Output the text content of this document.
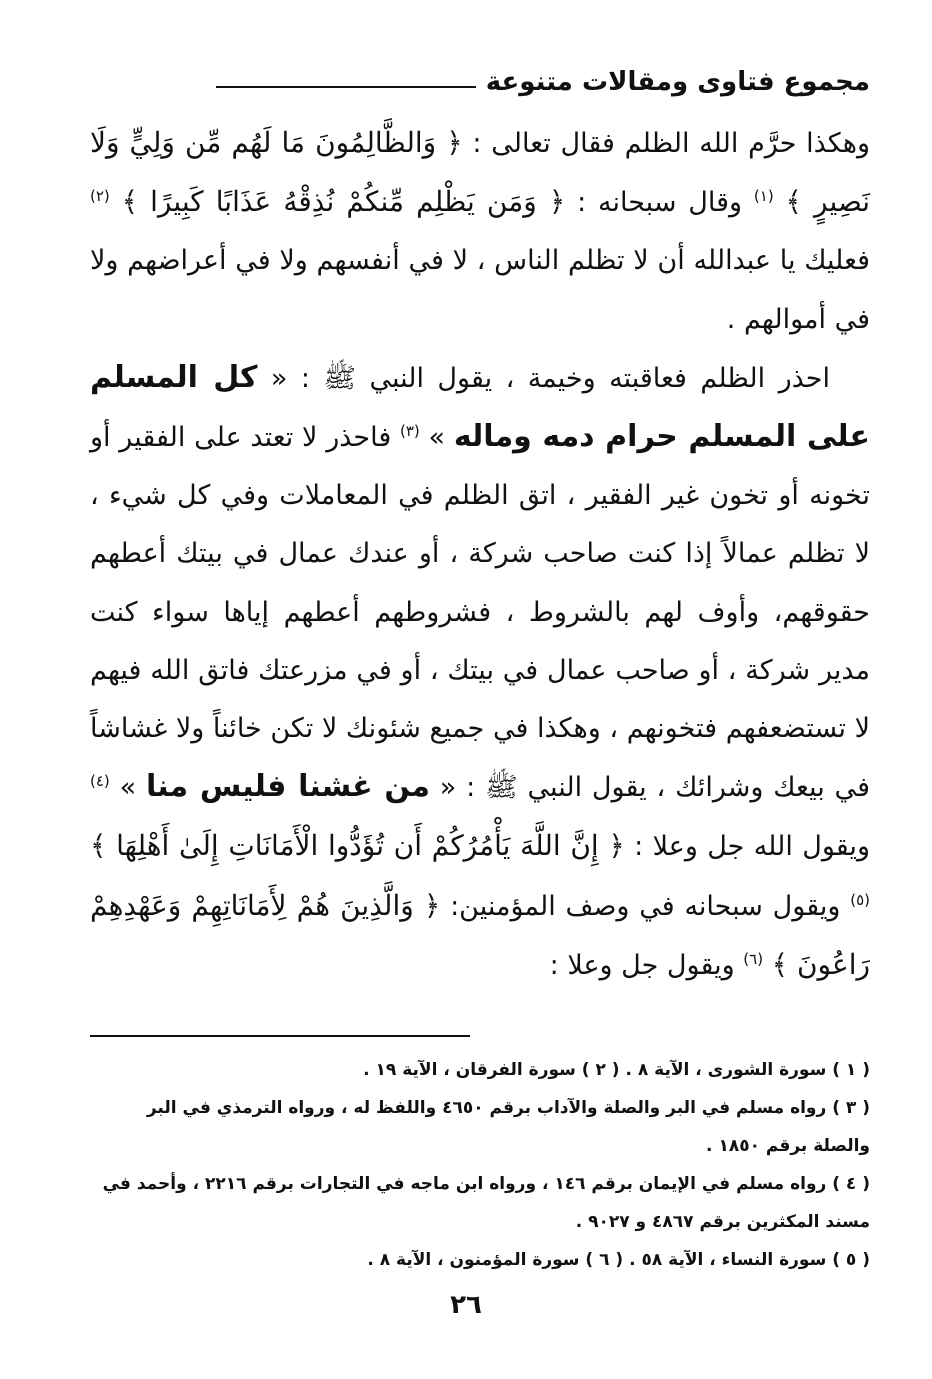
مجموع فتاوى ومقالات متنوعة

وهكذا حرَّم الله الظلم فقال تعالى : ﴿ وَالظَّالِمُونَ مَا لَهُم مِّن وَلِيٍّ وَلَا نَصِيرٍ ﴾ $^{(١)}$ وقال سبحانه : ﴿ وَمَن يَظْلِم مِّنكُمْ نُذِقْهُ عَذَابًا كَبِيرًا ﴾ $^{(٢)}$ فعليك يا عبدالله أن لا تظلم الناس ، لا في أنفسهم ولا في أعراضهم ولا في أموالهم .

احذر الظلم فعاقبته وخيمة ، يقول النبي ﷺ : « كل المسلم على المسلم حرام دمه وماله » $^{(٣)}$ فاحذر لا تعتد على الفقير أو تخونه أو تخون غير الفقير ، اتق الظلم في المعاملات وفي كل شيء ، لا تظلم عمالاً إذا كنت صاحب شركة ، أو عندك عمال في بيتك أعطهم حقوقهم، وأوف لهم بالشروط ، فشروطهم أعطهم إياها سواء كنت مدير شركة ، أو صاحب عمال في بيتك ، أو في مزرعتك فاتق الله فيهم لا تستضعفهم فتخونهم ، وهكذا في جميع شئونك لا تكن خائناً ولا غشاشاً في بيعك وشرائك ، يقول النبي ﷺ : « من غشنا فليس منا » $^{(٤)}$ ويقول الله جل وعلا : ﴿ إِنَّ اللَّهَ يَأْمُرُكُمْ أَن تُؤَدُّوا الْأَمَانَاتِ إِلَىٰ أَهْلِهَا ﴾ $^{(٥)}$ ويقول سبحانه في وصف المؤمنين: ﴿ وَالَّذِينَ هُمْ لِأَمَانَاتِهِمْ وَعَهْدِهِمْ رَاعُونَ ﴾ $^{(٦)}$ ويقول جل وعلا :

( ١ ) سورة الشورى ، الآية ٨ . ( ٢ ) سورة الفرقان ، الآية ١٩ .
( ٣ ) رواه مسلم في البر والصلة والآداب برقم ٤٦٥٠ واللفظ له ، ورواه الترمذي في البر والصلة برقم ١٨٥٠ .
( ٤ ) رواه مسلم في الإيمان برقم ١٤٦ ، ورواه ابن ماجه في التجارات برقم ٢٢١٦ ، وأحمد في مسند المكثرين برقم ٤٨٦٧ و ٩٠٢٧ .
( ٥ ) سورة النساء ، الآية ٥٨ . ( ٦ ) سورة المؤمنون ، الآية ٨ .
٢٦
